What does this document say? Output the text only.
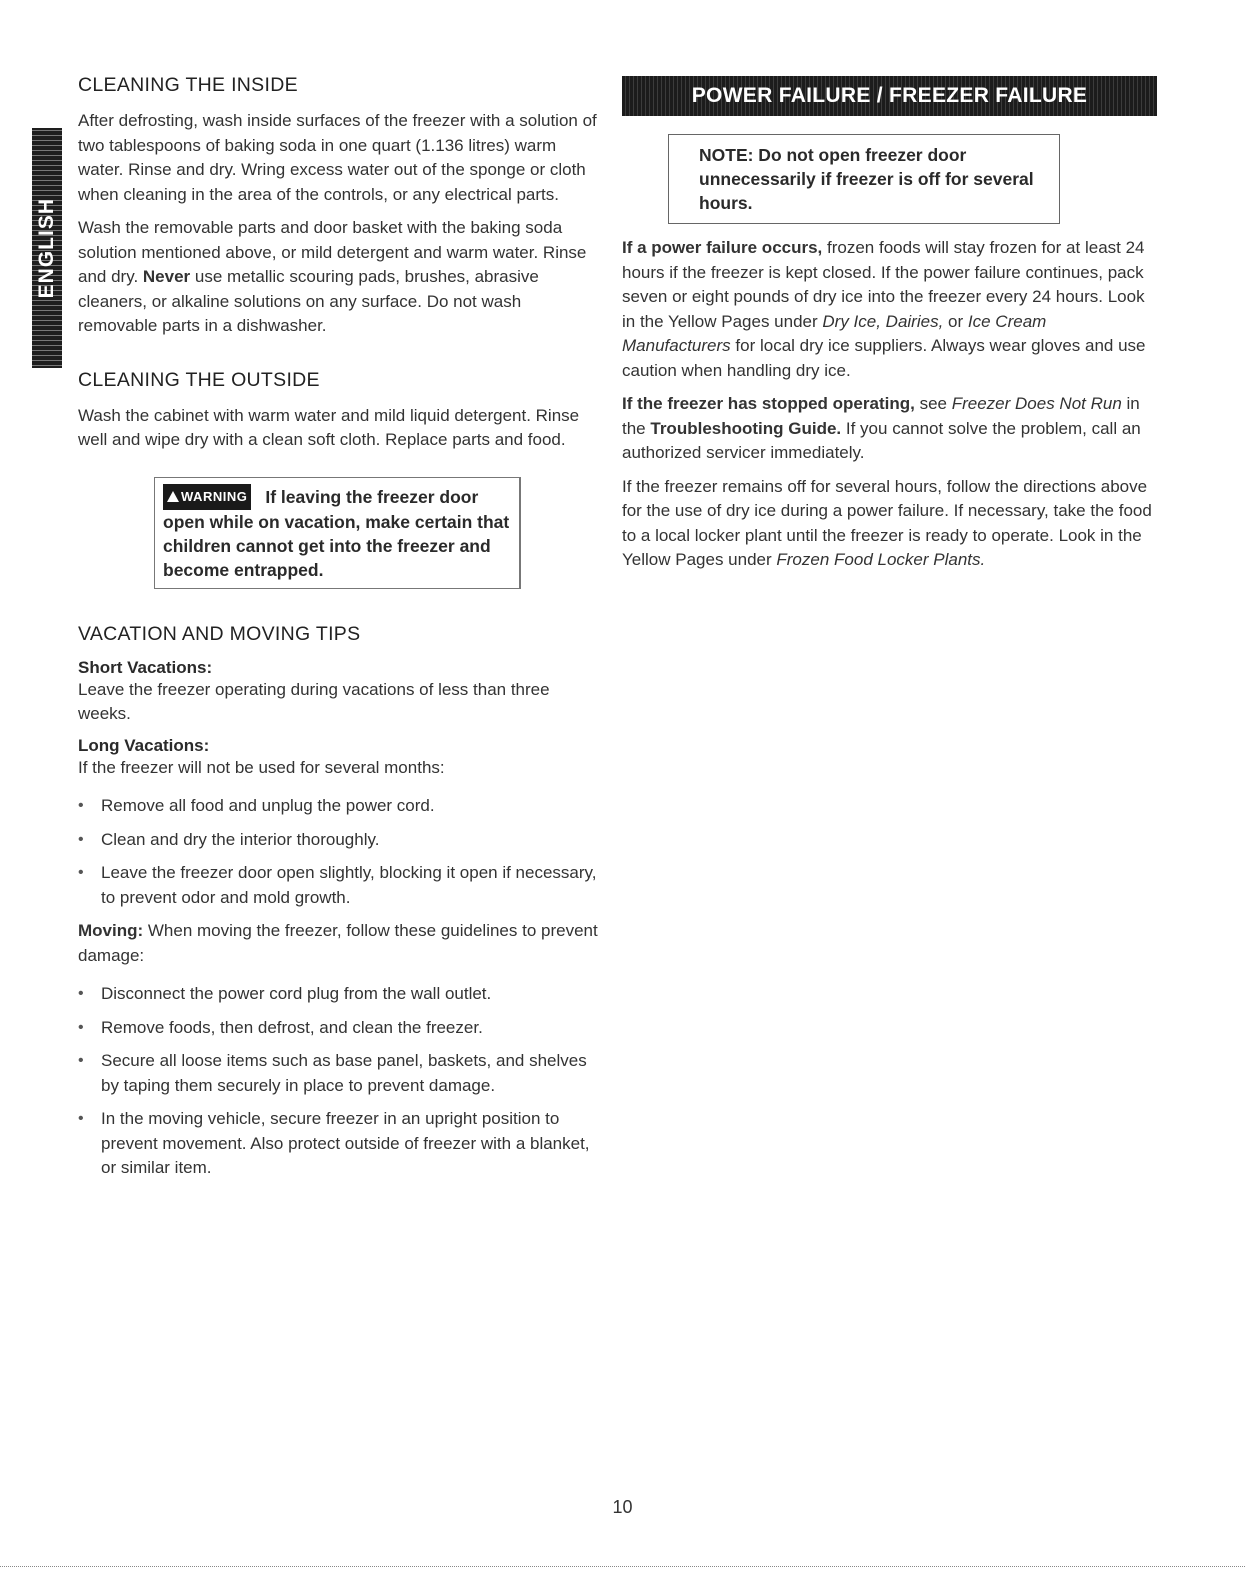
ENGLISH
CLEANING THE INSIDE

After defrosting, wash inside surfaces of the freezer with a solution of two tablespoons of baking soda in one quart (1.136 litres) warm water. Rinse and dry. Wring excess water out of the sponge or cloth when cleaning in the area of the controls, or any electrical parts.

Wash the removable parts and door basket with the baking soda solution mentioned above, or mild detergent and warm water. Rinse and dry. Never use metallic scouring pads, brushes, abrasive cleaners, or alkaline solutions on any surface. Do not wash removable parts in a dishwasher.

CLEANING THE OUTSIDE

Wash the cabinet with warm water and mild liquid detergent. Rinse well and wipe dry with a clean soft cloth. Replace parts and food.

WARNING If leaving the freezer door open while on vacation, make certain that children cannot get into the freezer and become entrapped.
VACATION AND MOVING TIPS
Short Vacations:

Leave the freezer operating during vacations of less than three weeks.

Long Vacations:

If the freezer will not be used for several months:

• Remove all food and unplug the power cord.
• Clean and dry the interior thoroughly.
• Leave the freezer door open slightly, blocking it open if necessary, to prevent odor and mold growth.

Moving: When moving the freezer, follow these guidelines to prevent damage:

• Disconnect the power cord plug from the wall outlet.
• Remove foods, then defrost, and clean the freezer.
• Secure all loose items such as base panel, baskets, and shelves by taping them securely in place to prevent damage.
• In the moving vehicle, secure freezer in an upright position to prevent movement. Also protect outside of freezer with a blanket, or similar item.
POWER FAILURE / FREEZER FAILURE
NOTE: Do not open freezer door unnecessarily if freezer is off for several hours.

If a power failure occurs, frozen foods will stay frozen for at least 24 hours if the freezer is kept closed. If the power failure continues, pack seven or eight pounds of dry ice into the freezer every 24 hours. Look in the Yellow Pages under Dry Ice, Dairies, or Ice Cream Manufacturers for local dry ice suppliers. Always wear gloves and use caution when handling dry ice.

If the freezer has stopped operating, see Freezer Does Not Run in the Troubleshooting Guide. If you cannot solve the problem, call an authorized servicer immediately.

If the freezer remains off for several hours, follow the directions above for the use of dry ice during a power failure. If necessary, take the food to a local locker plant until the freezer is ready to operate. Look in the Yellow Pages under Frozen Food Locker Plants.

10
